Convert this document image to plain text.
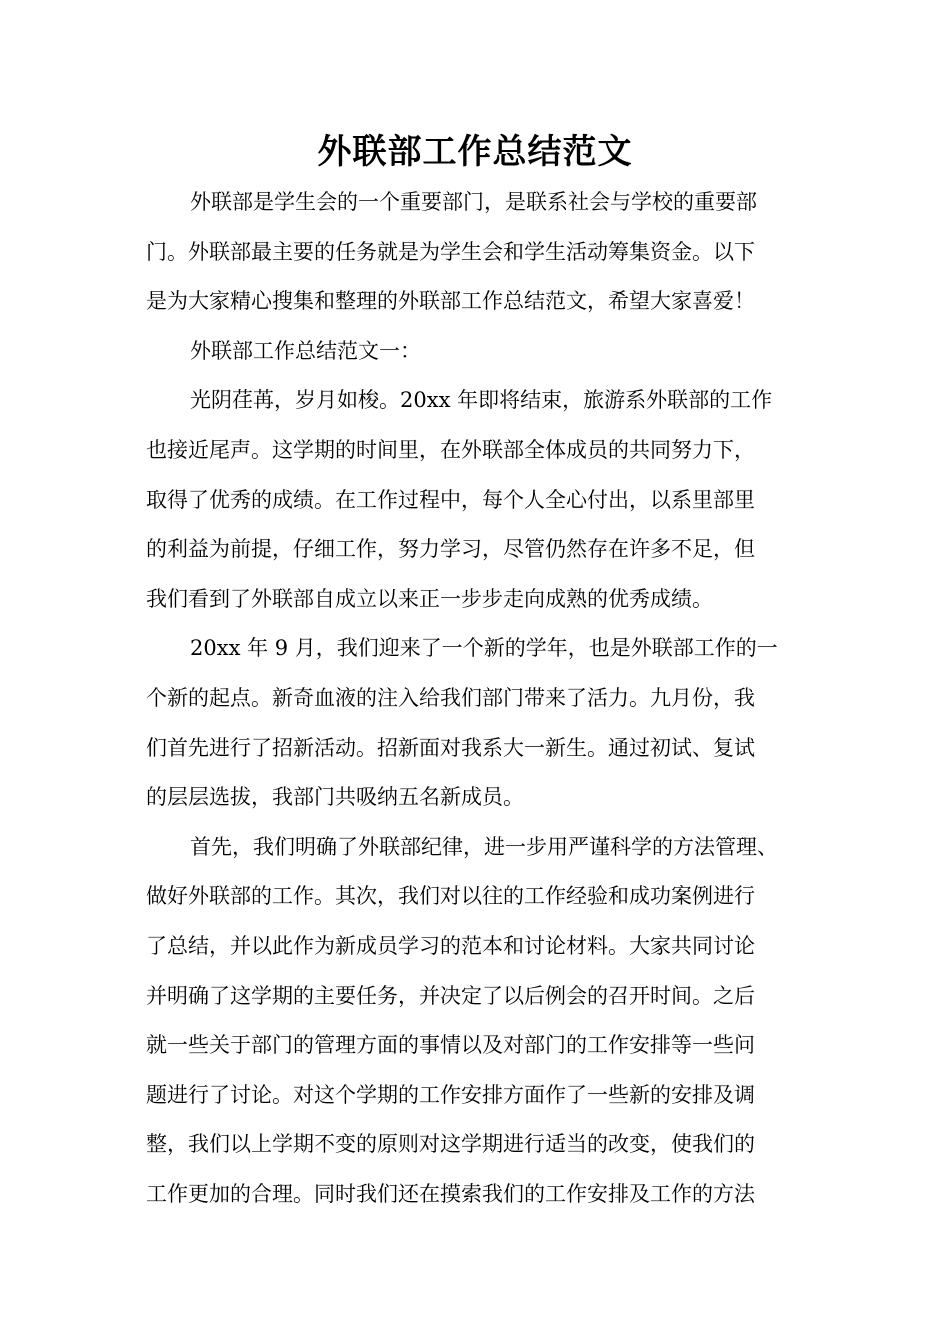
外联部工作总结范文
外联部是学生会的一个重要部门，是联系社会与学校的重要部
门。外联部最主要的任务就是为学生会和学生活动筹集资金。以下
是为大家精心搜集和整理的外联部工作总结范文，希望大家喜爱！
外联部工作总结范文一：
光阴荏苒，岁月如梭。20xx 年即将结束，旅游系外联部的工作
也接近尾声。这学期的时间里，在外联部全体成员的共同努力下，
取得了优秀的成绩。在工作过程中，每个人全心付出，以系里部里
的利益为前提，仔细工作，努力学习，尽管仍然存在许多不足，但
我们看到了外联部自成立以来正一步步走向成熟的优秀成绩。
20xx 年 9 月，我们迎来了一个新的学年，也是外联部工作的一
个新的起点。新奇血液的注入给我们部门带来了活力。九月份，我
们首先进行了招新活动。招新面对我系大一新生。通过初试、复试
的层层选拔，我部门共吸纳五名新成员。
首先，我们明确了外联部纪律，进一步用严谨科学的方法管理、
做好外联部的工作。其次，我们对以往的工作经验和成功案例进行
了总结，并以此作为新成员学习的范本和讨论材料。大家共同讨论
并明确了这学期的主要任务，并决定了以后例会的召开时间。之后
就一些关于部门的管理方面的事情以及对部门的工作安排等一些问
题进行了讨论。对这个学期的工作安排方面作了一些新的安排及调
整，我们以上学期不变的原则对这学期进行适当的改变，使我们的
工作更加的合理。同时我们还在摸索我们的工作安排及工作的方法
